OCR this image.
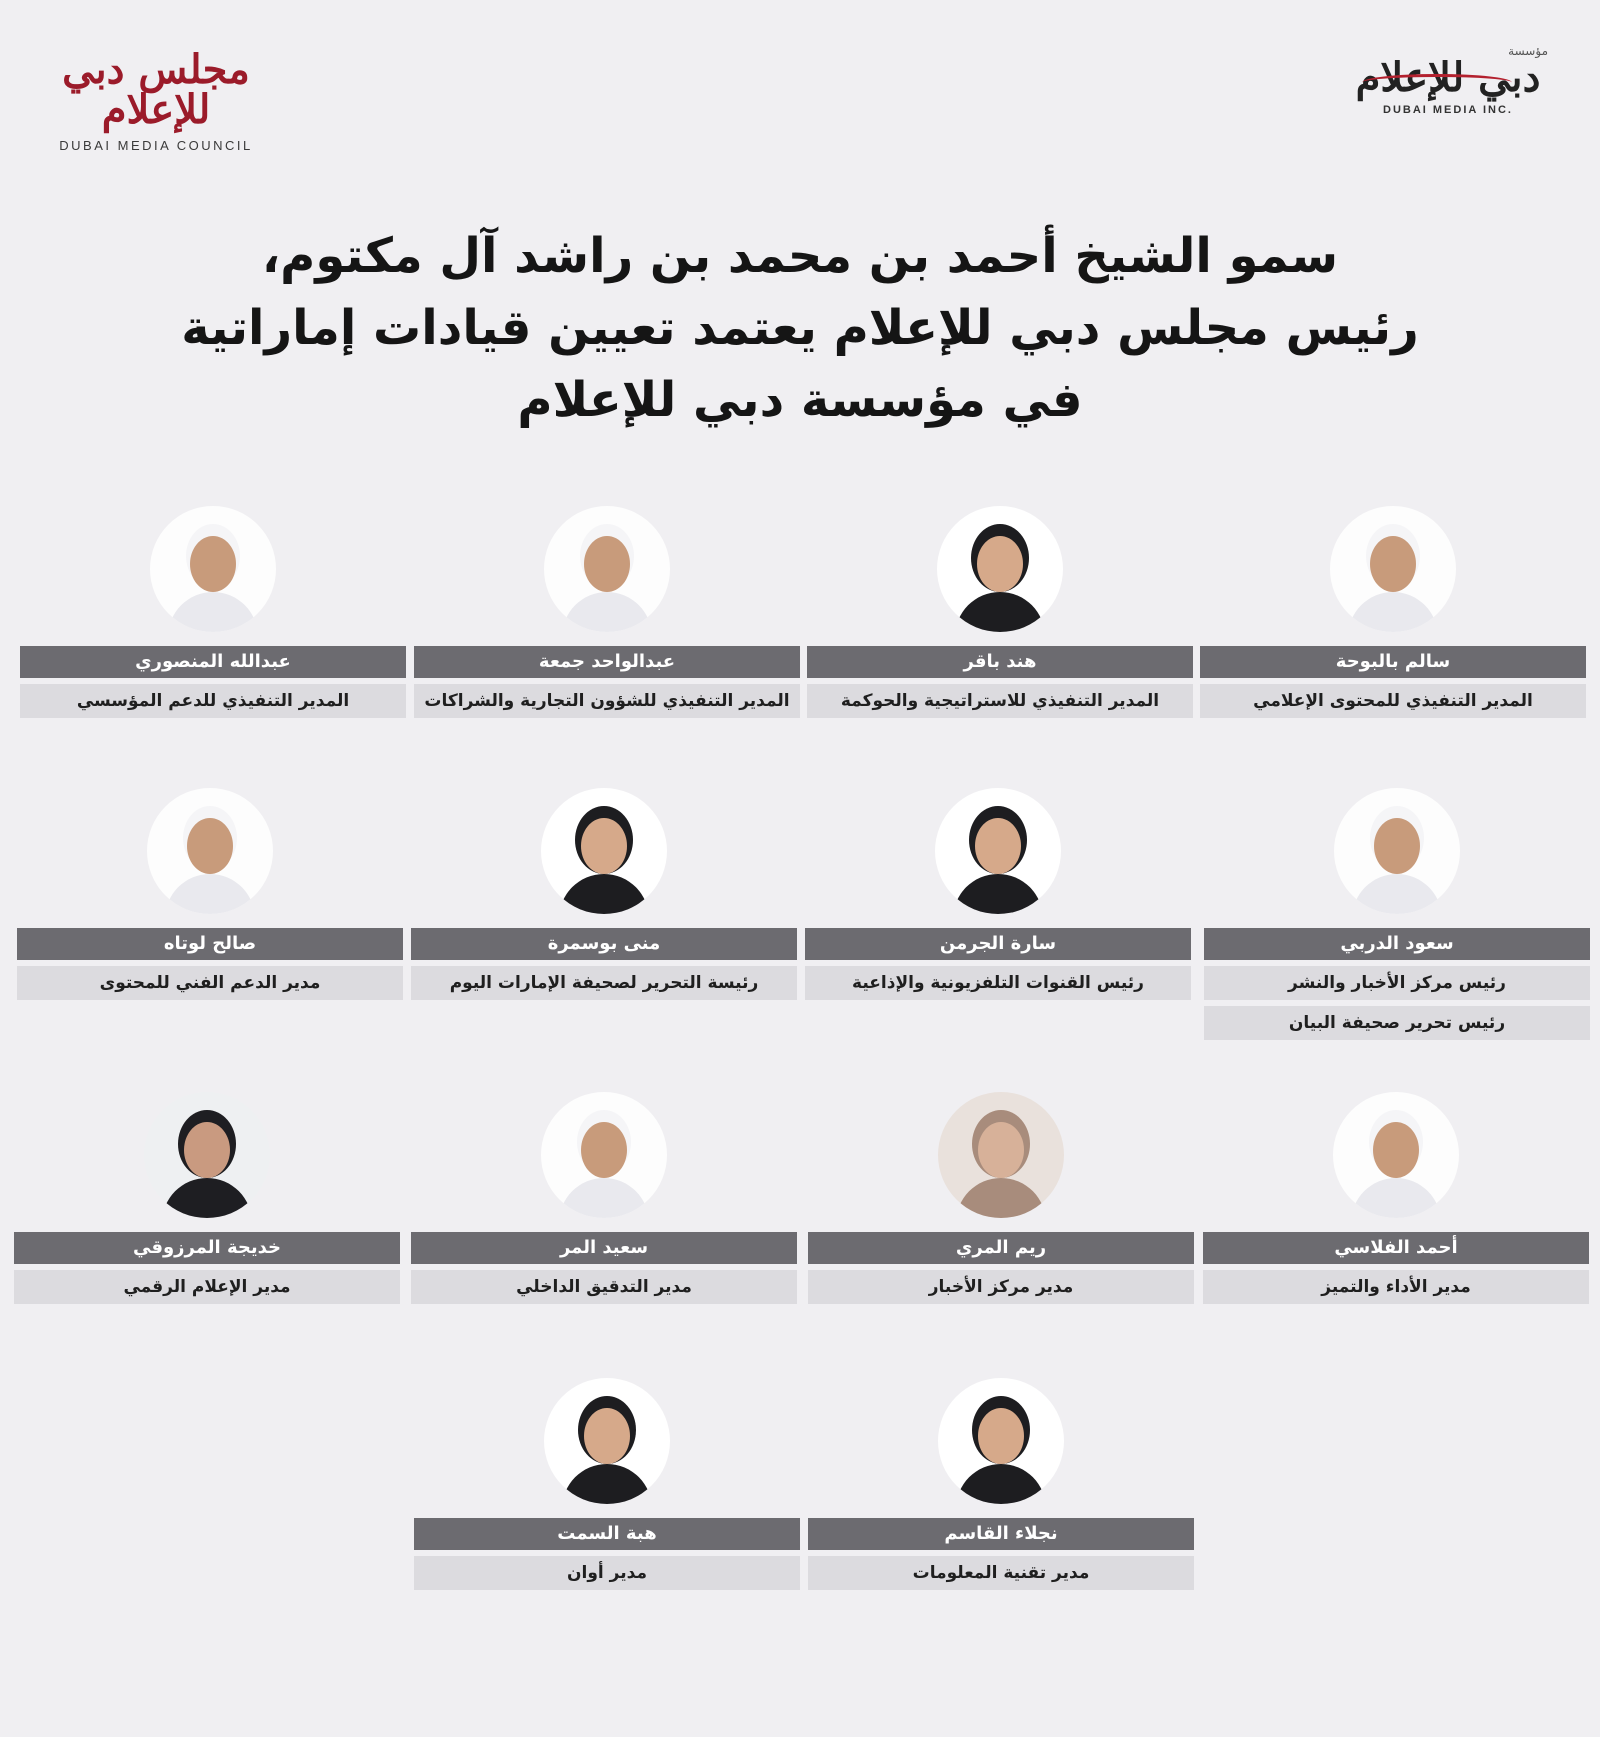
مجلس دبي للإعلام
DUBAI MEDIA COUNCIL
مؤسسة
دبي للإعلام
DUBAI MEDIA INC.
سمو الشيخ أحمد بن محمد بن راشد آل مكتوم،
رئيس مجلس دبي للإعلام يعتمد تعيين قيادات إماراتية
في مؤسسة دبي للإعلام
سالم بالبوحة
المدير التنفيذي للمحتوى الإعلامي
هند باقر
المدير التنفيذي للاستراتيجية والحوكمة
عبدالواحد جمعة
المدير التنفيذي للشؤون التجارية والشراكات
عبدالله المنصوري
المدير التنفيذي للدعم المؤسسي
سعود الدربي
رئيس مركز الأخبار والنشر
رئيس تحرير صحيفة البيان
سارة الجرمن
رئيس القنوات التلفزيونية والإذاعية
منى بوسمرة
رئيسة التحرير لصحيفة الإمارات اليوم
صالح لوتاه
مدير الدعم الفني للمحتوى
أحمد الفلاسي
مدير الأداء والتميز
ريم المري
مدير مركز الأخبار
سعيد المر
مدير التدقيق الداخلي
خديجة المرزوقي
مدير الإعلام الرقمي
نجلاء القاسم
مدير تقنية المعلومات
هبة السمت
مدير أوان
